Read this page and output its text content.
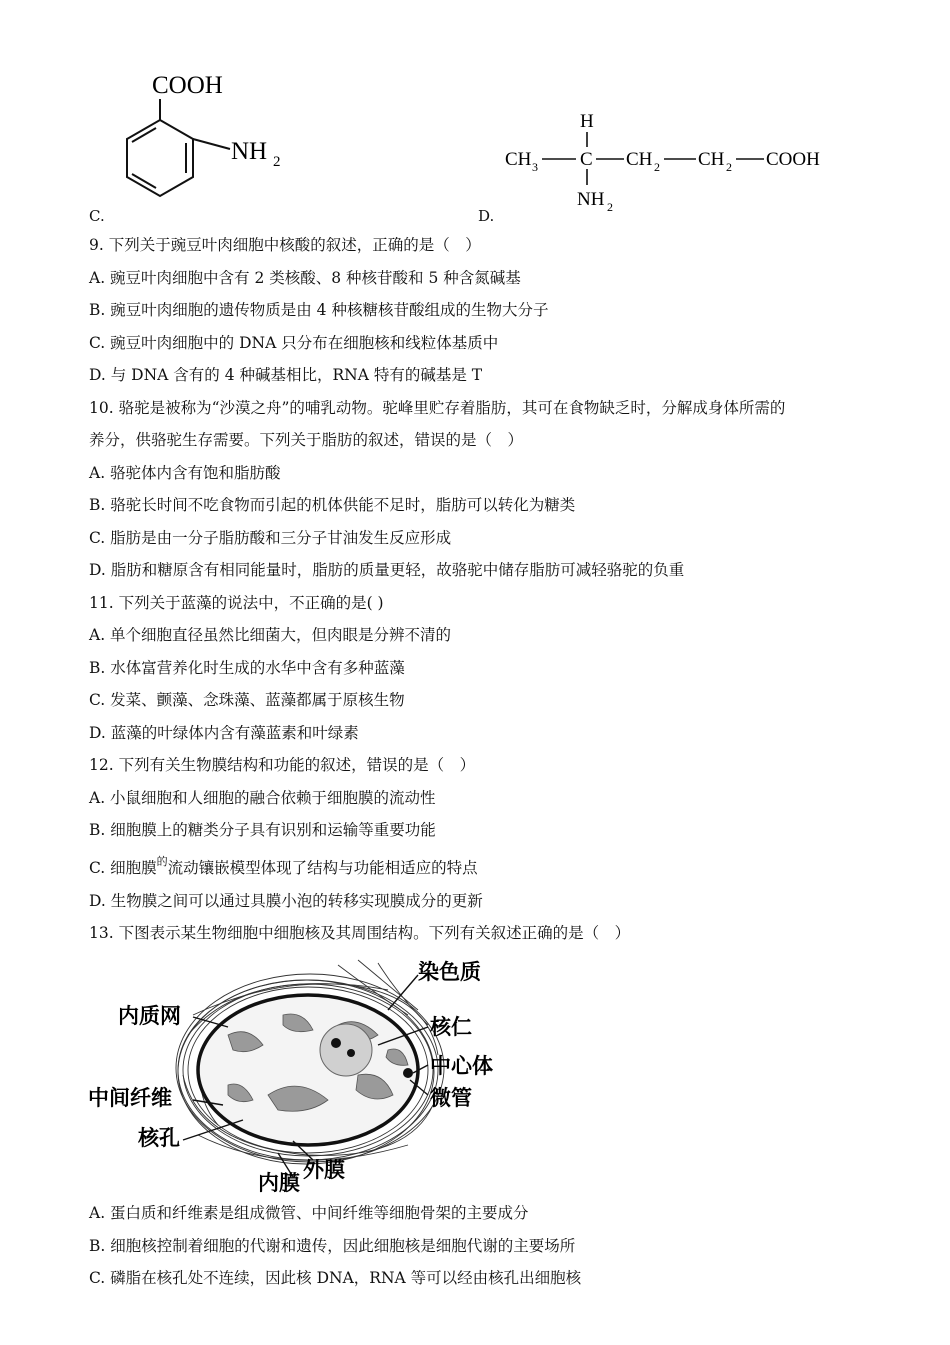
COOH
NH 2
C.
H
CH 3 C CH 2 CH 2 COOH
NH 2
D.
9. 下列关于豌豆叶肉细胞中核酸的叙述，正确的是（　）
A. 豌豆叶肉细胞中含有 2 类核酸、8 种核苷酸和 5 种含氮碱基
B. 豌豆叶肉细胞的遗传物质是由 4 种核糖核苷酸组成的生物大分子
C. 豌豆叶肉细胞中的 DNA 只分布在细胞核和线粒体基质中
D. 与 DNA 含有的 4 种碱基相比，RNA 特有的碱基是 T
10. 骆驼是被称为“沙漠之舟”的哺乳动物。驼峰里贮存着脂肪，其可在食物缺乏时，分解成身体所需的
养分，供骆驼生存需要。下列关于脂肪的叙述，错误的是（　）
A. 骆驼体内含有饱和脂肪酸
B. 骆驼长时间不吃食物而引起的机体供能不足时，脂肪可以转化为糖类
C. 脂肪是由一分子脂肪酸和三分子甘油发生反应形成
D. 脂肪和糖原含有相同能量时，脂肪的质量更轻，故骆驼中储存脂肪可减轻骆驼的负重
11. 下列关于蓝藻的说法中，不正确的是( )
A. 单个细胞直径虽然比细菌大，但肉眼是分辨不清的
B. 水体富营养化时生成的水华中含有多种蓝藻
C. 发菜、颤藻、念珠藻、蓝藻都属于原核生物
D. 蓝藻的叶绿体内含有藻蓝素和叶绿素
12. 下列有关生物膜结构和功能的叙述，错误的是（　）
A. 小鼠细胞和人细胞的融合依赖于细胞膜的流动性
B. 细胞膜上的糖类分子具有识别和运输等重要功能
C. 细胞膜$^的$流动镶嵌模型体现了结构与功能相适应的特点
D. 生物膜之间可以通过具膜小泡的转移实现膜成分的更新
13. 下图表示某生物细胞中细胞核及其周围结构。下列有关叙述正确的是（　）
染色质
内质网	核仁
中心体
中间纤维	微管
核孔
外膜
内膜
A. 蛋白质和纤维素是组成微管、中间纤维等细胞骨架的主要成分
B. 细胞核控制着细胞的代谢和遗传，因此细胞核是细胞代谢的主要场所
C. 磷脂在核孔处不连续，因此核 DNA，RNA 等可以经由核孔出细胞核
